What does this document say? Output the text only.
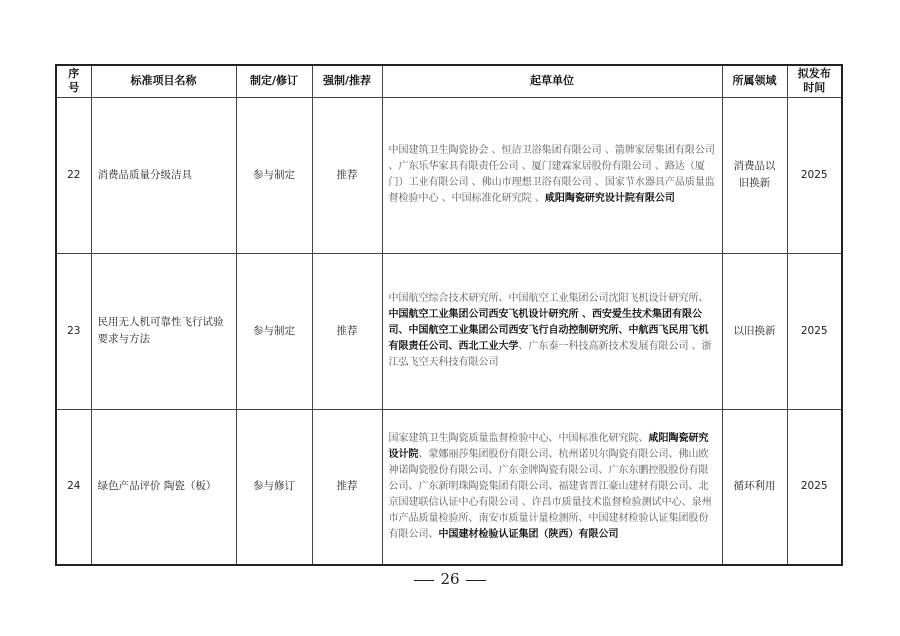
序号	标准项目名称	制定/修订	强制/推荐	起草单位	所属领域	拟发布时间
22	消费品质量分级洁具	参与制定	推荐	中国建筑卫生陶瓷协会 、恒洁卫浴集团有限公司 、箭牌家居集团有限公司 、广东乐华家具有限责任公司 、厦门建霖家居股份有限公司 、路达（厦门）工业有限公司 、佛山市理想卫浴有限公司 、国家节水器具产品质量监督检验中心 、中国标准化研究院 、咸阳陶瓷研究设计院有限公司	消费品以旧换新	2025
23	民用无人机可靠性飞行试验要求与方法	参与制定	推荐	中国航空综合技术研究所、中国航空工业集团公司沈阳飞机设计研究所、中国航空工业集团公司西安飞机设计研究所 、西安爱生技术集团有限公司、中国航空工业集团公司西安飞行自动控制研究所、中航西飞民用飞机有限责任公司、西北工业大学、广东泰一科技高新技术发展有限公司 、浙江弘飞空天科技有限公司	以旧换新	2025
24	绿色产品评价 陶瓷（板）	参与修订	推荐	国家建筑卫生陶瓷质量监督检验中心、中国标准化研究院、咸阳陶瓷研究设计院、蒙娜丽莎集团股份有限公司、杭州诺贝尔陶瓷有限公司、佛山欧神诺陶瓷股份有限公司、广东金牌陶瓷有限公司、广东东鹏控股股份有限公司、广东新明珠陶瓷集团有限公司、福建省晋江豪山建材有限公司、北京国建联信认证中心有限公司 、许昌市质量技术监督检验测试中心、泉州市产品质量检验所、南安市质量计量检测所、中国建材检验认证集团股份有限公司、中国建材检验认证集团（陕西）有限公司	循环利用	2025
26
